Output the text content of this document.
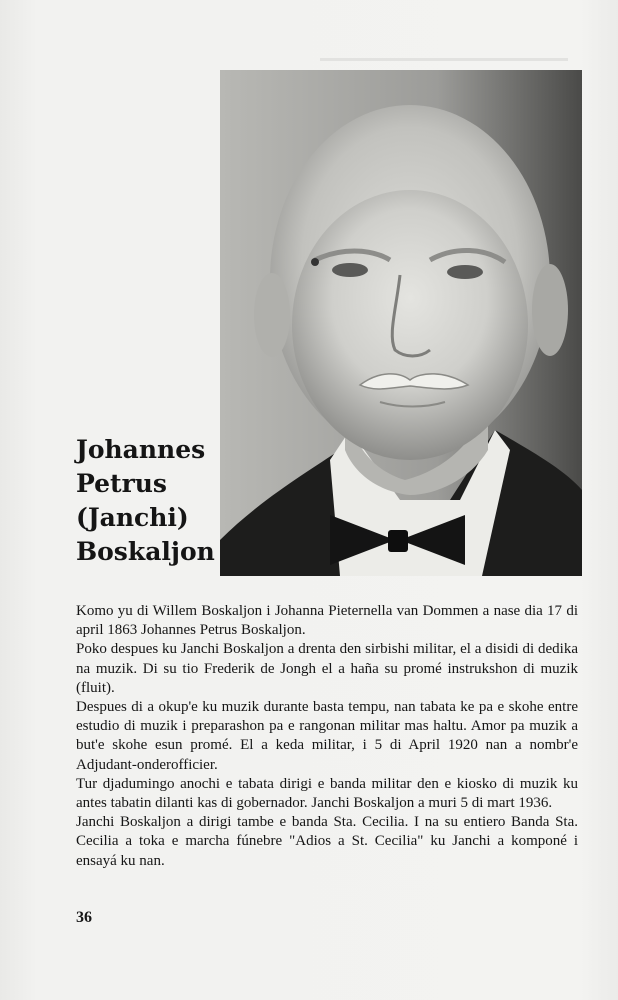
Johannes
Petrus
(Janchi)
Boskaljon

Komo yu di Willem Boskaljon i Johanna Pieternella van Dommen a nase dia 17 di april 1863 Johannes Petrus Boskaljon.

Poko despues ku Janchi Boskaljon a drenta den sirbishi militar, el a disidi di dedika na muzik. Di su tio Frederik de Jongh el a haña su promé instrukshon di muzik (fluit).

Despues di a okup'e ku muzik durante basta tempu, nan tabata ke pa e skohe entre estudio di muzik i preparashon pa e rangonan militar mas haltu. Amor pa muzik a but'e skohe esun promé. El a keda militar, i 5 di April 1920 nan a nombr'e Adjudant-onderofficier.

Tur djadumingo anochi e tabata dirigi e banda militar den e kiosko di muzik ku antes tabatin dilanti kas di gobernador. Janchi Boskaljon a muri 5 di mart 1936.

Janchi Boskaljon a dirigi tambe e banda Sta. Cecilia. I na su entiero Banda Sta. Cecilia a toka e marcha fúnebre "Adios a St. Cecilia" ku Janchi a komponé i ensayá ku nan.

36
